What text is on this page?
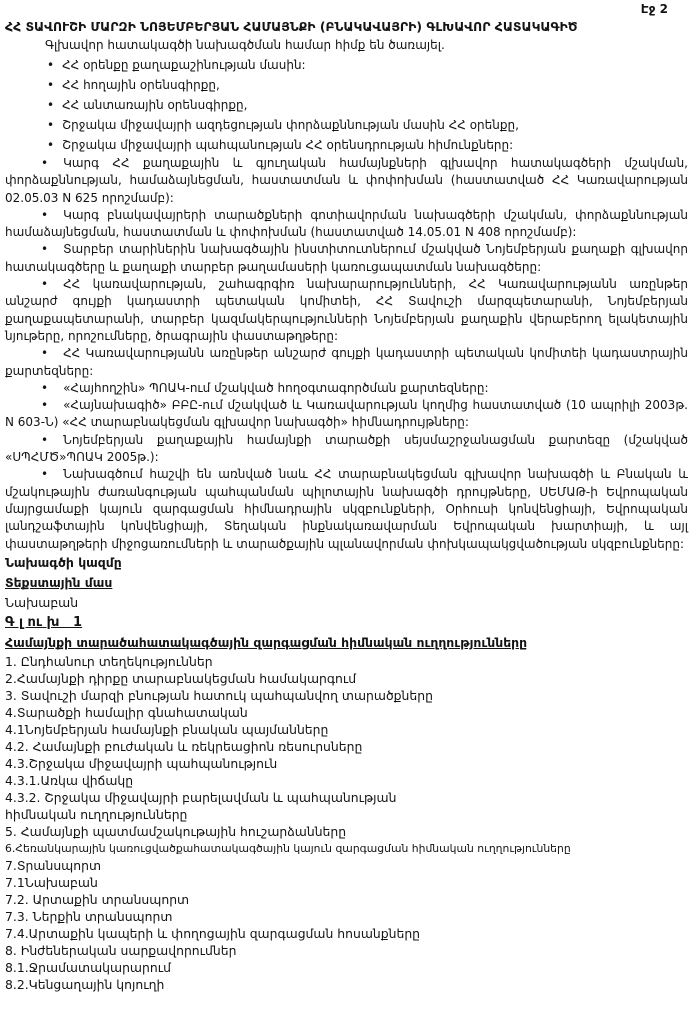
Էջ 2
ՀՀ ՏԱՎՈՒՇԻ ՄԱՐԶԻ ՆՈՅԵՄԲԵՐՅԱՆ ՀԱՄԱՅՆՔԻ (ԲՆԱԿԱՎԱՅՐԻ) ԳԼԽԱՎՈՐ ՀԱՏԱԿԱԳԻԾ
Գլխավոր հատակագծի նախագծման համար հիմք են ծառայել.
• ՀՀ օրենքը քաղաքաշինության մասին:
• ՀՀ հողային օրենսգիրքը,
• ՀՀ անտառային օրենսգիրքը,
• Շրջակա միջավայրի ազդեցության փորձաքննության մասին ՀՀ օրենքը,
• Շրջակա միջավայրի պահպանության ՀՀ օրենսդրության հիմունքները:

• Կարգ ՀՀ քաղաքային և գյուղական համայնքների գլխավոր հատակագծերի մշակման, փորձաքննության, համաձայնեցման, հաստատման և փոփոխման (հաստատված ՀՀ Կառավարության 02.05.03 N 625 որոշմամբ):

• Կարգ բնակավայրերի տարածքների գոտիավորման նախագծերի մշակման, փորձաքննության համաձայնեցման, հաստատման և փոփոխման (հաստատված 14.05.01 N 408 որոշմամբ):

• Տարբեր տարիներին նախագծային ինստիտուտներում մշակված Նոյեմբերյան քաղաքի գլխավոր հատակագծերը և քաղաքի տարբեր թաղամասերի կառուցապատման նախագծերը:

• ՀՀ կառավարության, շահագրգիռ նախարարությունների, ՀՀ Կառավարությանն առընթեր անշարժ գույքի կադաստրի պետական կոմիտեի, ՀՀ Տավուշի մարզպետարանի, Նոյեմբերյան քաղաքապետարանի, տարբեր կազմակերպությունների Նոյեմբերյան քաղաքին վերաբերող ելակետային նյութերը, որոշումները, ծրագրային փաստաթղթերը:

• ՀՀ Կառավարությանն առընթեր անշարժ գույքի կադաստրի պետական կոմիտեի կադաստրային քարտեզները:

• «Հայհողշին» ՊՈԱԿ-ում մշակված հողօգտագործման քարտեզները:

• «Հայնախագիծ» ԲԲԸ-ում մշակված և Կառավարության կողմից հաստատված (10 ապրիլի 2003թ. N 603-Ն) «ՀՀ տարաբնակեցման գլխավոր նախագծի» հիմնադրույթները:

• Նոյեմբերյան քաղաքային համայնքի տարածքի սեյսմաշրջանացման քարտեզը (մշակված «ՍՊՀՄԾ»ՊՈԱԿ 2005թ.):

• Նախագծում հաշվի են առնված նաև ՀՀ տարաբնակեցման գլխավոր նախագծի և Բնական և մշակութային ժառանգության պահպանման պիլոտային նախագծի դրույթները, ՍԵՄԱԹ-ի Եվրոպական մայրցամաքի կայուն զարգացման հիմնադրային սկզբունքների, Օրհուսի կոնվենցիայի, Եվրոպական լանդշաֆտային կոնվենցիայի, Տեղական ինքնակառավարման Եվրոպական խարտիայի, և այլ փաստաթղթերի միջոցառումների և տարածքային պլանավորման փոխկապակցվածության սկզբունքները:

Նախագծի կազմը
Տեքստային մաս
Նախաբան
Գ լ ու խ   1
Համայնքի տարածահատակագծային զարգացման հիմնական ուղղությունները
1. Ընդհանուր տեղեկություններ
2.Համայնքի դիրքը տարաբնակեցման համակարգում
3. Տավուշի մարզի բնության հատուկ պահպանվող տարածքները
4.Տարածքի համալիր գնահատական
4.1Նոյեմբերյան համայնքի բնական պայմանները
4.2. Համայնքի բուժական և ռեկրեացիոն ռեսուրսները
4.3.Շրջակա միջավայրի պահպանություն
4.3.1.Առկա վիճակը
4.3.2. Շրջակա միջավայրի բարելավման և պահպանության
հիմնական ուղղությունները
5. Համայնքի պատմամշակութային հուշարձանները
6.Հեռանկարային կառուցվածքահատակագծային կայուն զարգացման հիմնական ուղղությունները
7.Տրանսպորտ
7.1Նախաբան
7.2. Արտաքին տրանսպորտ
7.3. Ներքին տրանսպորտ
7.4.Արտաքին կապերի և փողոցային զարգացման հոսանքները
8. Ինժեներական սարքավորումներ
8.1.Ջրամատակարարում
8.2.Կենցաղային կոյուղի
